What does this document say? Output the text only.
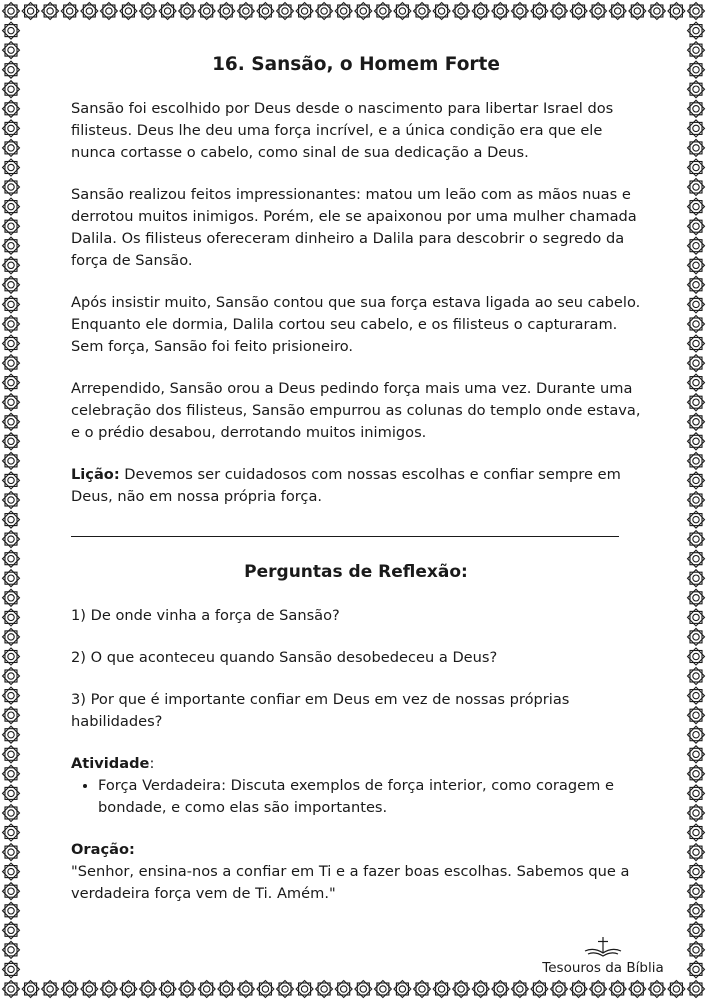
16. Sansão, o Homem Forte

Sansão foi escolhido por Deus desde o nascimento para libertar Israel dos filisteus. Deus lhe deu uma força incrível, e a única condição era que ele nunca cortasse o cabelo, como sinal de sua dedicação a Deus.

Sansão realizou feitos impressionantes: matou um leão com as mãos nuas e derrotou muitos inimigos. Porém, ele se apaixonou por uma mulher chamada Dalila. Os filisteus ofereceram dinheiro a Dalila para descobrir o segredo da força de Sansão.

Após insistir muito, Sansão contou que sua força estava ligada ao seu cabelo. Enquanto ele dormia, Dalila cortou seu cabelo, e os filisteus o capturaram. Sem força, Sansão foi feito prisioneiro.

Arrependido, Sansão orou a Deus pedindo força mais uma vez. Durante uma celebração dos filisteus, Sansão empurrou as colunas do templo onde estava, e o prédio desabou, derrotando muitos inimigos.

Lição: Devemos ser cuidadosos com nossas escolhas e confiar sempre em Deus, não em nossa própria força.

Perguntas de Reflexão:

1) De onde vinha a força de Sansão?

2) O que aconteceu quando Sansão desobedeceu a Deus?

3) Por que é importante confiar em Deus em vez de nossas próprias habilidades?

Atividade:
• Força Verdadeira: Discuta exemplos de força interior, como coragem e bondade, e como elas são importantes.
Oração:
"Senhor, ensina-nos a confiar em Ti e a fazer boas escolhas. Sabemos que a verdadeira força vem de Ti. Amém."
Tesouros da Bíblia
